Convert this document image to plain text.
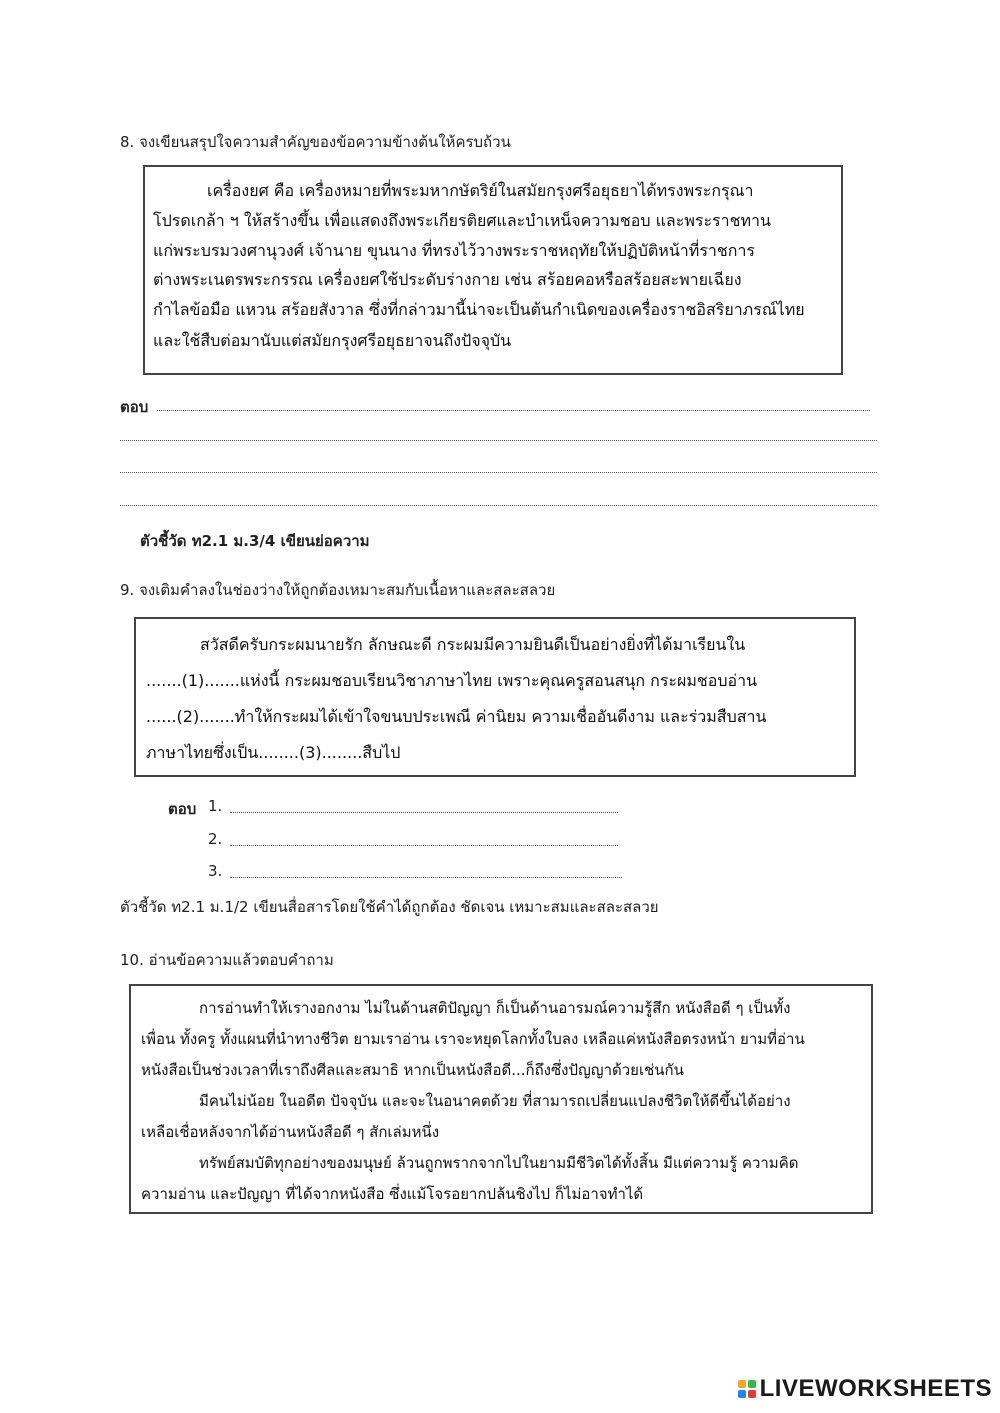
8. จงเขียนสรุปใจความสำคัญของข้อความข้างต้นให้ครบถ้วน
เครื่องยศ คือ เครื่องหมายที่พระมหากษัตริย์ในสมัยกรุงศรีอยุธยาได้ทรงพระกรุณา
โปรดเกล้า ฯ ให้สร้างขึ้น เพื่อแสดงถึงพระเกียรติยศและบำเหน็จความชอบ และพระราชทาน
แก่พระบรมวงศานุวงศ์ เจ้านาย ขุนนาง ที่ทรงไว้วางพระราชหฤทัยให้ปฏิบัติหน้าที่ราชการ
ต่างพระเนตรพระกรรณ เครื่องยศใช้ประดับร่างกาย เช่น สร้อยคอหรือสร้อยสะพายเฉียง
กำไลข้อมือ แหวน สร้อยสังวาล ซึ่งที่กล่าวมานี้น่าจะเป็นต้นกำเนิดของเครื่องราชอิสริยาภรณ์ไทย
และใช้สืบต่อมานับแต่สมัยกรุงศรีอยุธยาจนถึงปัจจุบัน
ตอบ
ตัวชี้วัด ท2.1 ม.3/4 เขียนย่อความ
9. จงเติมคำลงในช่องว่างให้ถูกต้องเหมาะสมกับเนื้อหาและสละสลวย
สวัสดีครับกระผมนายรัก ลักษณะดี กระผมมีความยินดีเป็นอย่างยิ่งที่ได้มาเรียนใน
.......(1).......แห่งนี้ กระผมชอบเรียนวิชาภาษาไทย เพราะคุณครูสอนสนุก กระผมชอบอ่าน
......(2).......ทำให้กระผมได้เข้าใจขนบประเพณี ค่านิยม ความเชื่ออันดีงาม และร่วมสืบสาน
ภาษาไทยซึ่งเป็น........(3)........สืบไป
ตอบ 1.
2.
3.
ตัวชี้วัด ท2.1 ม.1/2 เขียนสื่อสารโดยใช้คำได้ถูกต้อง ชัดเจน เหมาะสมและสละสลวย
10. อ่านข้อความแล้วตอบคำถาม
การอ่านทำให้เรางอกงาม ไม่ในด้านสติปัญญา ก็เป็นด้านอารมณ์ความรู้สึก หนังสือดี ๆ เป็นทั้ง
เพื่อน ทั้งครู ทั้งแผนที่นำทางชีวิต ยามเราอ่าน เราจะหยุดโลกทั้งใบลง เหลือแค่หนังสือตรงหน้า ยามที่อ่าน
หนังสือเป็นช่วงเวลาที่เราถึงศีลและสมาธิ หากเป็นหนังสือดี...ก็ถึงซึ่งปัญญาด้วยเช่นกัน
มีคนไม่น้อย ในอดีต ปัจจุบัน และจะในอนาคตด้วย ที่สามารถเปลี่ยนแปลงชีวิตให้ดีขึ้นได้อย่าง
เหลือเชื่อหลังจากได้อ่านหนังสือดี ๆ สักเล่มหนึ่ง
ทรัพย์สมบัติทุกอย่างของมนุษย์ ล้วนถูกพรากจากไปในยามมีชีวิตได้ทั้งสิ้น มีแต่ความรู้ ความคิด
ความอ่าน และปัญญา ที่ได้จากหนังสือ ซึ่งแม้โจรอยากปล้นชิงไป ก็ไม่อาจทำได้
LIVEWORKSHEETS
